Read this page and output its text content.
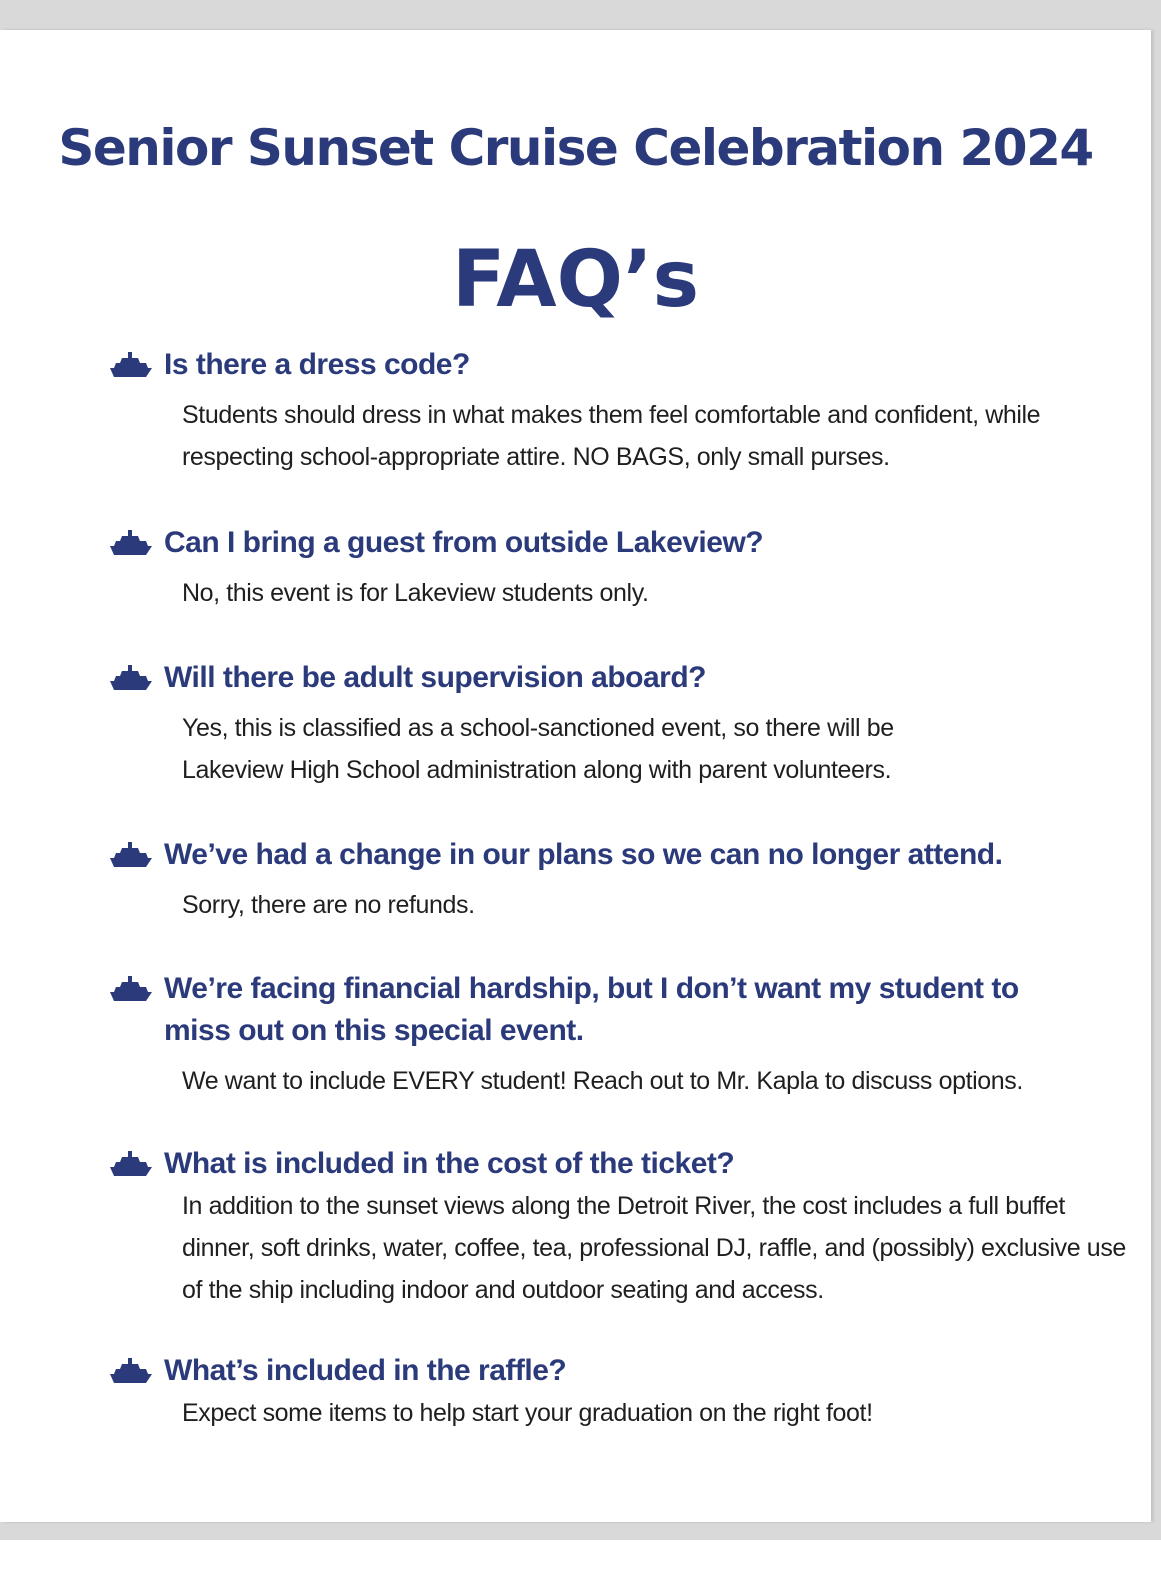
Senior Sunset Cruise Celebration 2024
FAQ’s
Is there a dress code?

Students should dress in what makes them feel comfortable and confident, while respecting school-appropriate attire. NO BAGS, only small purses.

Can I bring a guest from outside Lakeview?

No, this event is for Lakeview students only.

Will there be adult supervision aboard?

Yes, this is classified as a school-sanctioned event, so there will be Lakeview High School administration along with parent volunteers.

We’ve had a change in our plans so we can no longer attend.

Sorry, there are no refunds.

We’re facing financial hardship, but I don’t want my student to miss out on this special event.

We want to include EVERY student! Reach out to Mr. Kapla to discuss options.

What is included in the cost of the ticket?

In addition to the sunset views along the Detroit River, the cost includes a full buffet dinner, soft drinks, water, coffee, tea, professional DJ, raffle, and (possibly) exclusive use of the ship including indoor and outdoor seating and access.

What’s included in the raffle?

Expect some items to help start your graduation on the right foot!
